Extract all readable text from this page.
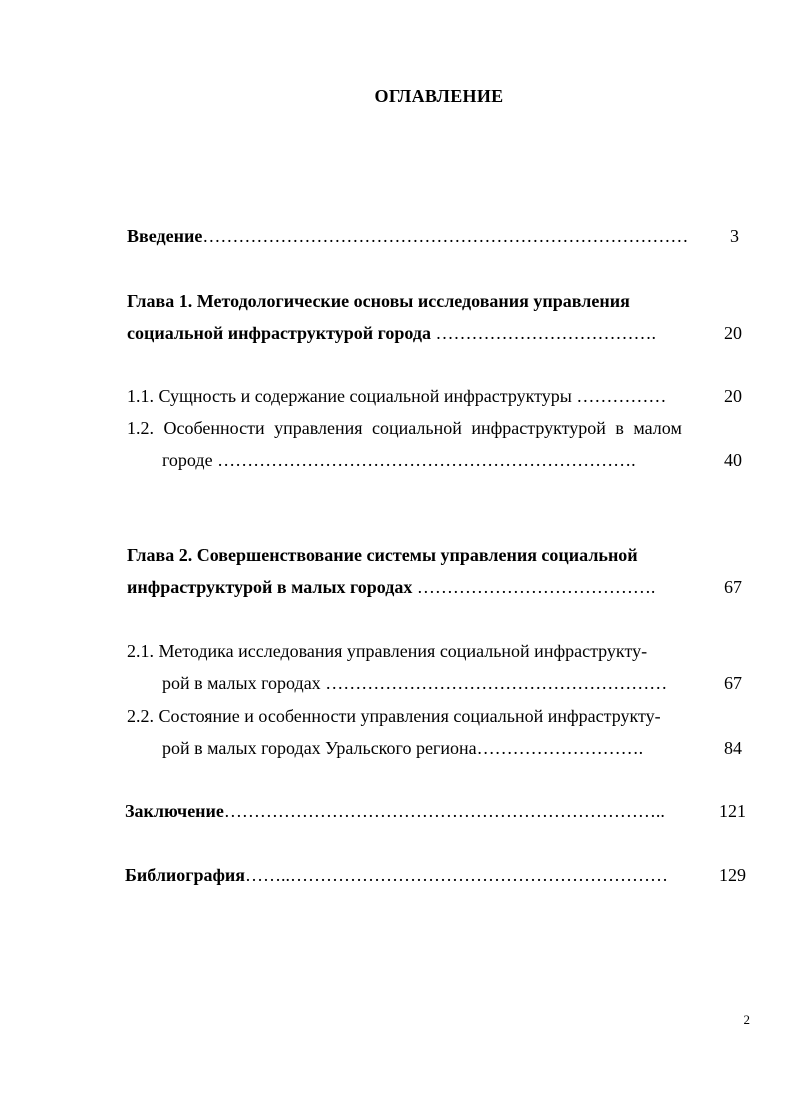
ОГЛАВЛЕНИЕ
Введение………………………………………………………………………	3
Глава 1. Методологические основы исследования управления
социальной инфраструктурой города ……………………………….	20
1.1. Сущность и содержание социальной инфраструктуры ……………	20
1.2. Особенности управления социальной инфраструктурой в малом
городе …………………………………………………………….	40
Глава 2. Совершенствование системы управления социальной
инфраструктурой в малых городах ………………………………….	67
2.1. Методика исследования управления социальной инфраструкту-
рой в малых городах …………………………………………………	67
2.2. Состояние и особенности управления социальной инфраструкту-
рой в малых городах Уральского региона……………………….	84
Заключение………………………………………………………………..	121
Библиография……..………………………………………………………	129
2
